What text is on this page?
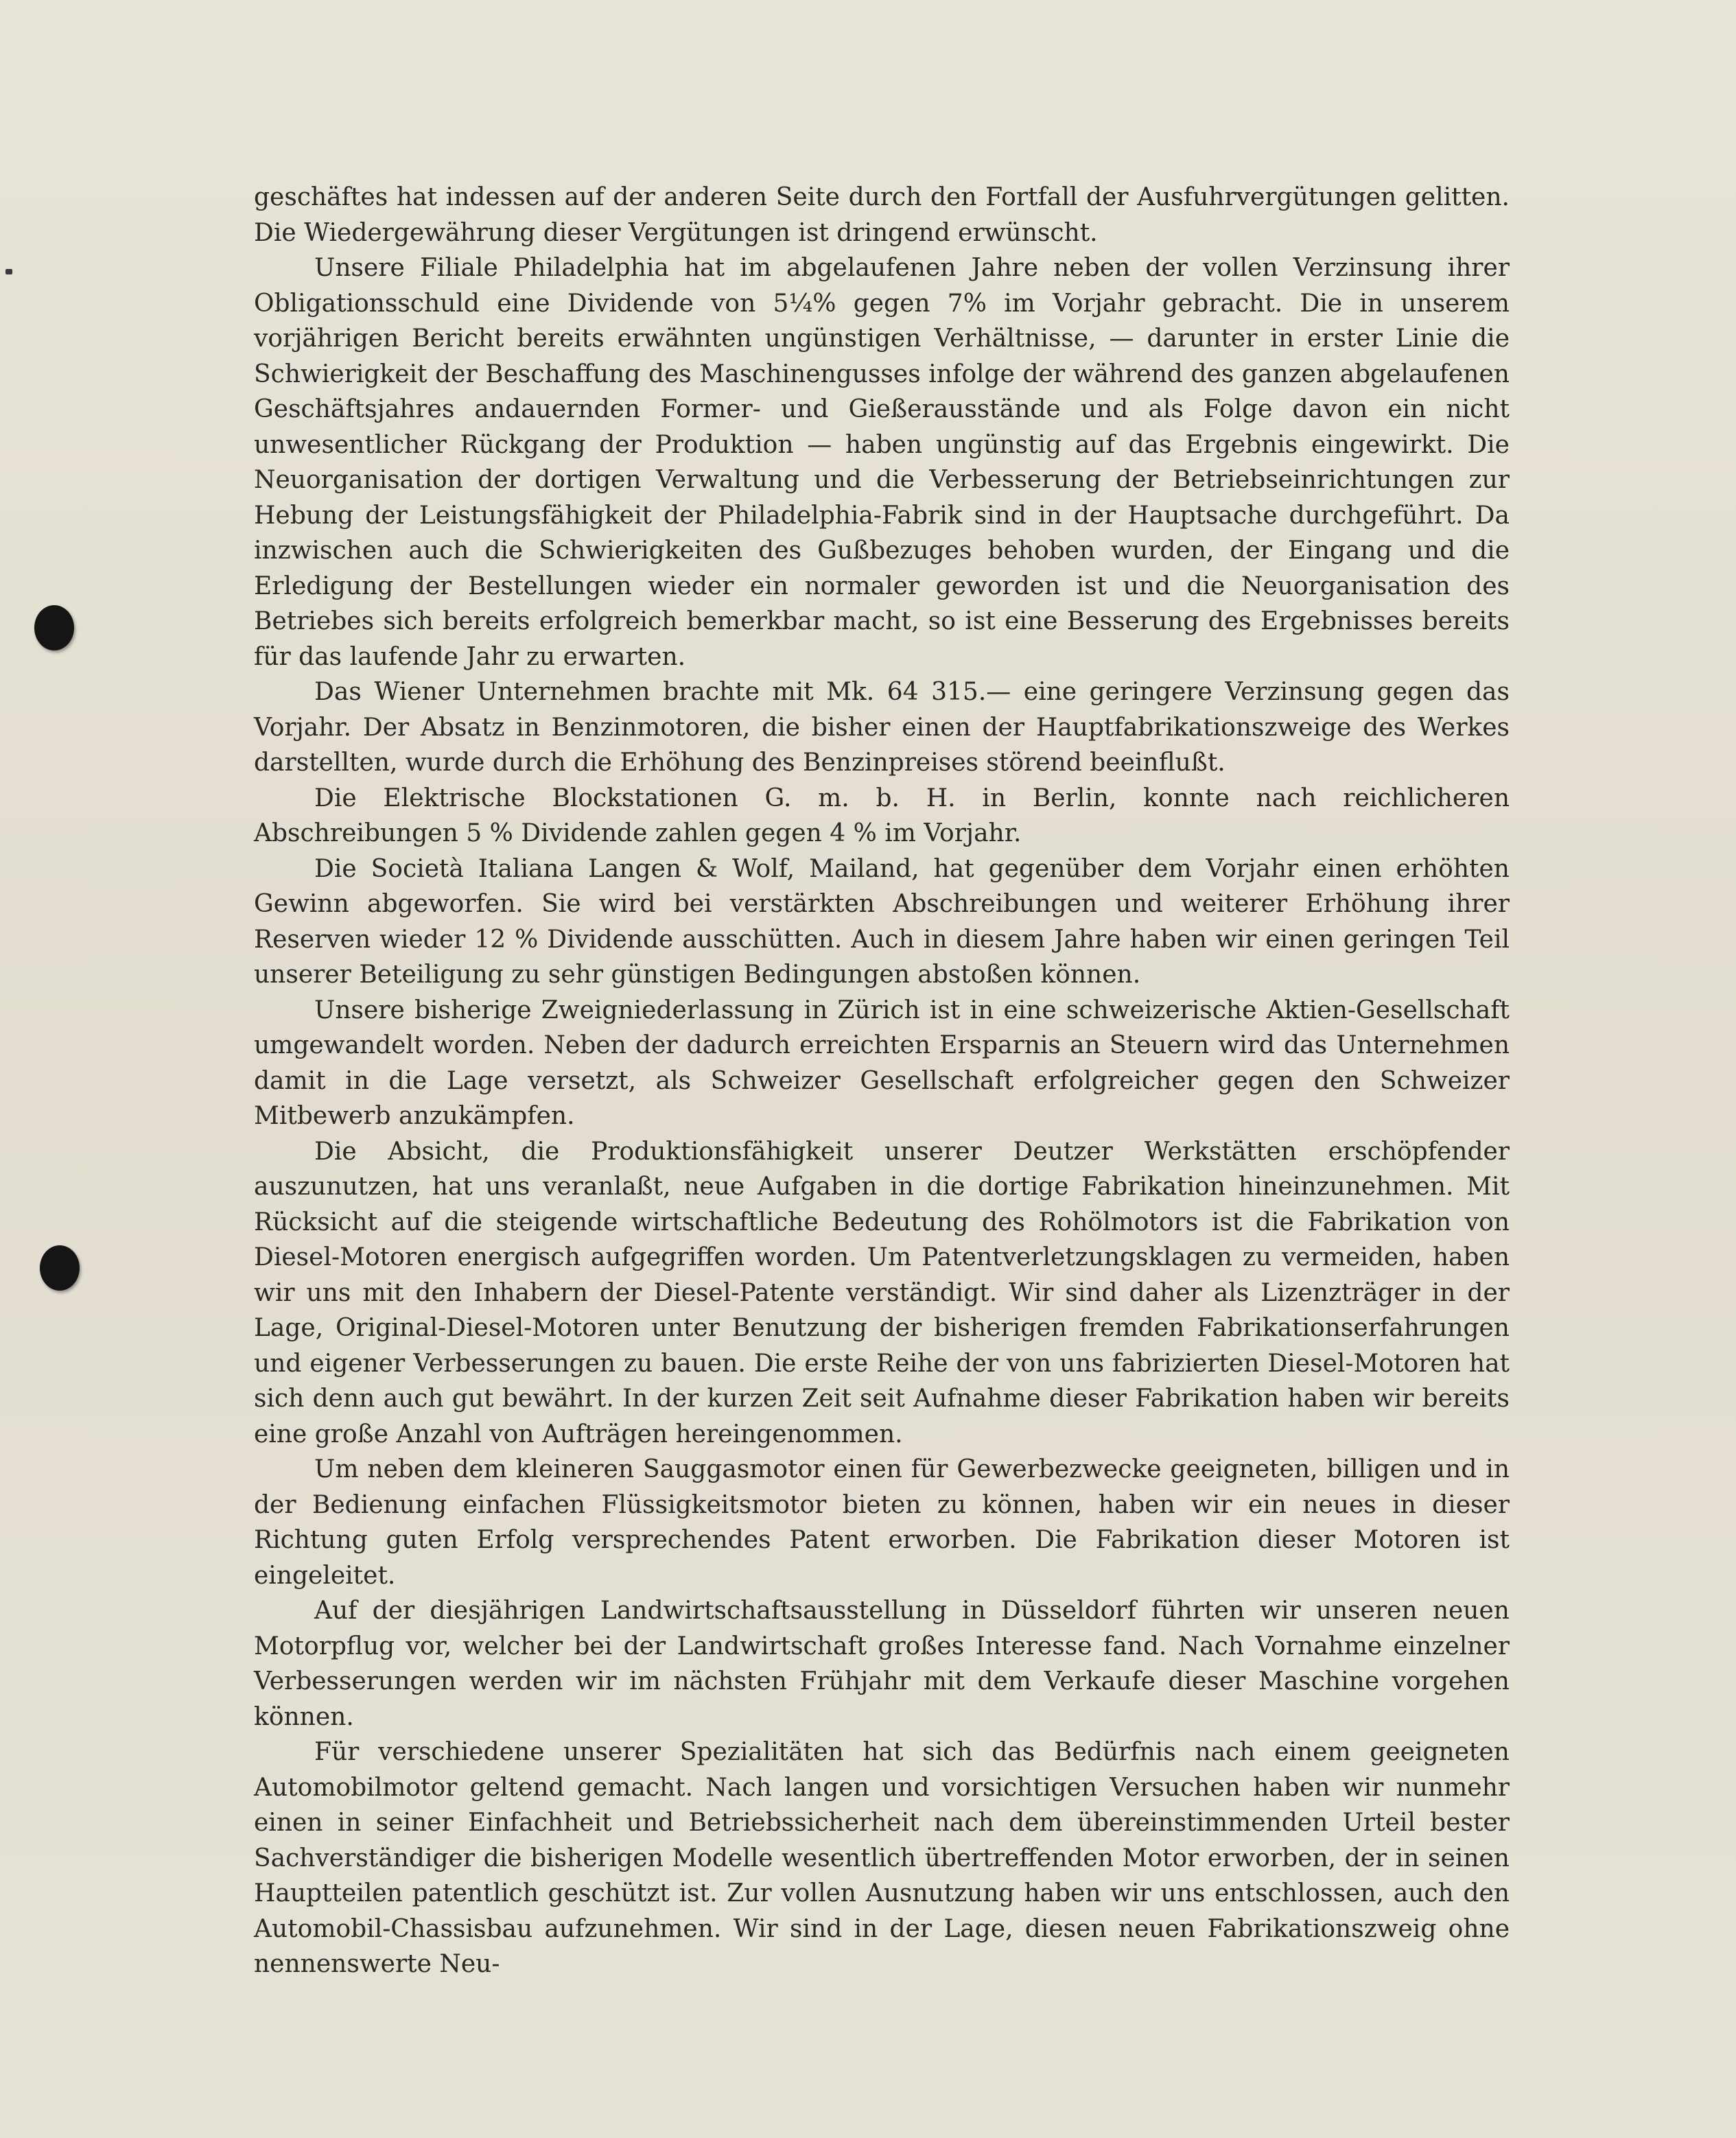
geschäftes hat indessen auf der anderen Seite durch den Fortfall der Ausfuhrvergütungen gelitten. Die Wiedergewährung dieser Vergütungen ist dringend erwünscht.

Unsere Filiale Philadelphia hat im abgelaufenen Jahre neben der vollen Verzinsung ihrer Obligationsschuld eine Dividende von 5¼% gegen 7% im Vorjahr gebracht. Die in unserem vorjährigen Bericht bereits erwähnten ungünstigen Verhältnisse, — darunter in erster Linie die Schwierigkeit der Beschaffung des Maschinengusses infolge der während des ganzen abgelaufenen Geschäftsjahres andauernden Former- und Gießerausstände und als Folge davon ein nicht unwesentlicher Rückgang der Produktion — haben ungünstig auf das Ergebnis eingewirkt. Die Neuorganisation der dortigen Verwaltung und die Verbesserung der Betriebseinrichtungen zur Hebung der Leistungsfähigkeit der Philadelphia-Fabrik sind in der Hauptsache durchgeführt. Da inzwischen auch die Schwierigkeiten des Gußbezuges behoben wurden, der Eingang und die Erledigung der Bestellungen wieder ein normaler geworden ist und die Neuorganisation des Betriebes sich bereits erfolgreich bemerkbar macht, so ist eine Besserung des Ergebnisses bereits für das laufende Jahr zu erwarten.

Das Wiener Unternehmen brachte mit Mk. 64 315.— eine geringere Verzinsung gegen das Vorjahr. Der Absatz in Benzinmotoren, die bisher einen der Hauptfabrikationszweige des Werkes darstellten, wurde durch die Erhöhung des Benzinpreises störend beeinflußt.

Die Elektrische Blockstationen G. m. b. H. in Berlin, konnte nach reichlicheren Abschreibungen 5 % Dividende zahlen gegen 4 % im Vorjahr.

Die Società Italiana Langen & Wolf, Mailand, hat gegenüber dem Vorjahr einen erhöhten Gewinn abgeworfen. Sie wird bei verstärkten Abschreibungen und weiterer Erhöhung ihrer Reserven wieder 12 % Dividende ausschütten. Auch in diesem Jahre haben wir einen geringen Teil unserer Beteiligung zu sehr günstigen Bedingungen abstoßen können.

Unsere bisherige Zweigniederlassung in Zürich ist in eine schweizerische Aktien-Gesellschaft umgewandelt worden. Neben der dadurch erreichten Ersparnis an Steuern wird das Unternehmen damit in die Lage versetzt, als Schweizer Gesellschaft erfolgreicher gegen den Schweizer Mitbewerb anzukämpfen.

Die Absicht, die Produktionsfähigkeit unserer Deutzer Werkstätten erschöpfender auszunutzen, hat uns veranlaßt, neue Aufgaben in die dortige Fabrikation hineinzunehmen. Mit Rücksicht auf die steigende wirtschaftliche Bedeutung des Rohölmotors ist die Fabrikation von Diesel-Motoren energisch aufgegriffen worden. Um Patentverletzungsklagen zu vermeiden, haben wir uns mit den Inhabern der Diesel-Patente verständigt. Wir sind daher als Lizenzträger in der Lage, Original-Diesel-Motoren unter Benutzung der bisherigen fremden Fabrikationserfahrungen und eigener Verbesserungen zu bauen. Die erste Reihe der von uns fabrizierten Diesel-Motoren hat sich denn auch gut bewährt. In der kurzen Zeit seit Aufnahme dieser Fabrikation haben wir bereits eine große Anzahl von Aufträgen hereingenommen.

Um neben dem kleineren Sauggasmotor einen für Gewerbezwecke geeigneten, billigen und in der Bedienung einfachen Flüssigkeitsmotor bieten zu können, haben wir ein neues in dieser Richtung guten Erfolg versprechendes Patent erworben. Die Fabrikation dieser Motoren ist eingeleitet.

Auf der diesjährigen Landwirtschaftsausstellung in Düsseldorf führten wir unseren neuen Motorpflug vor, welcher bei der Landwirtschaft großes Interesse fand. Nach Vornahme einzelner Verbesserungen werden wir im nächsten Frühjahr mit dem Verkaufe dieser Maschine vorgehen können.

Für verschiedene unserer Spezialitäten hat sich das Bedürfnis nach einem geeigneten Automobilmotor geltend gemacht. Nach langen und vorsichtigen Versuchen haben wir nunmehr einen in seiner Einfachheit und Betriebssicherheit nach dem übereinstimmenden Urteil bester Sachverständiger die bisherigen Modelle wesentlich übertreffenden Motor erworben, der in seinen Hauptteilen patentlich geschützt ist. Zur vollen Ausnutzung haben wir uns entschlossen, auch den Automobil-Chassisbau aufzunehmen. Wir sind in der Lage, diesen neuen Fabrikationszweig ohne nennenswerte Neu-
